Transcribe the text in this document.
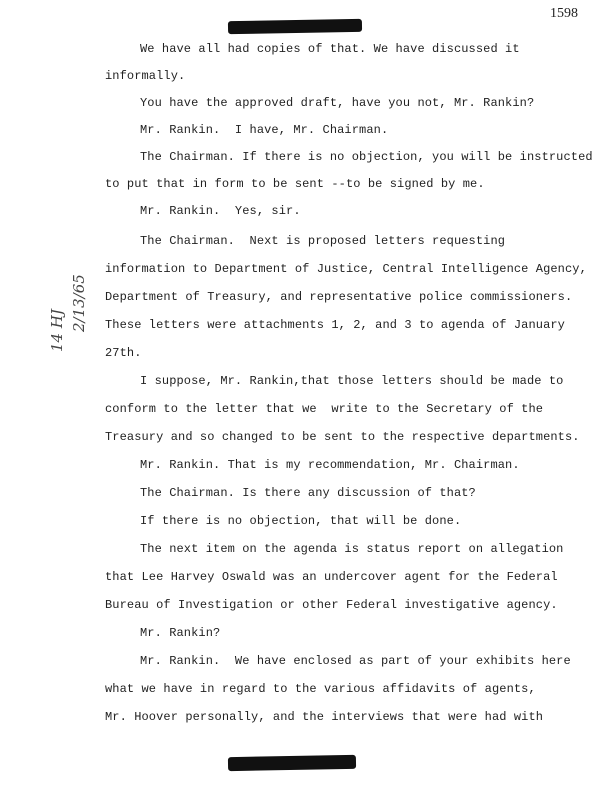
1598
14 HJ 2/13/65
We have all had copies of that. We have discussed it
informally.
You have the approved draft, have you not, Mr. Rankin?
Mr. Rankin.  I have, Mr. Chairman.
The Chairman. If there is no objection, you will be instructed
to put that in form to be sent --to be signed by me.
Mr. Rankin.  Yes, sir.
The Chairman.  Next is proposed letters requesting
information to Department of Justice, Central Intelligence Agency,
Department of Treasury, and representative police commissioners.
These letters were attachments 1, 2, and 3 to agenda of January
27th.
I suppose, Mr. Rankin,that those letters should be made to
conform to the letter that we  write to the Secretary of the
Treasury and so changed to be sent to the respective departments.
Mr. Rankin. That is my recommendation, Mr. Chairman.
The Chairman. Is there any discussion of that?
If there is no objection, that will be done.
The next item on the agenda is status report on allegation
that Lee Harvey Oswald was an undercover agent for the Federal
Bureau of Investigation or other Federal investigative agency.
Mr. Rankin?
Mr. Rankin.  We have enclosed as part of your exhibits here
what we have in regard to the various affidavits of agents,
Mr. Hoover personally, and the interviews that were had with
